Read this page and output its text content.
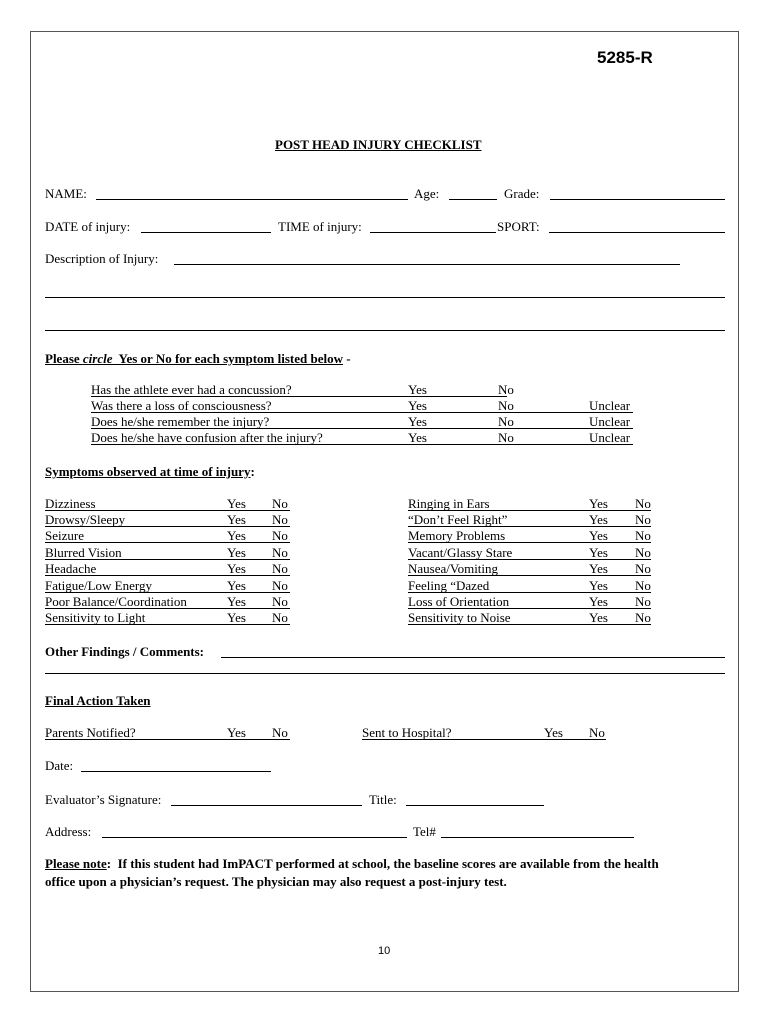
5285-R
POST HEAD INJURY CHECKLIST
NAME:	Age:	Grade:
DATE of injury:	TIME of injury:	SPORT:
Description of Injury:
Please circle  Yes or No for each symptom listed below -
Has the athlete ever had a concussion?	Yes	No
Was there a loss of consciousness?	Yes	No	Unclear
Does he/she remember the injury?	Yes	No	Unclear
Does he/she have confusion after the injury?	Yes	No	Unclear
Symptoms observed at time of injury:
Dizziness	Yes No
Drowsy/Sleepy	Yes No
Seizure	Yes No
Blurred Vision	Yes No
Headache	Yes No
Fatigue/Low Energy	Yes No
Poor Balance/Coordination	Yes No
Sensitivity to Light	Yes No
Ringing in Ears	Yes No
“Don’t Feel Right”	Yes No
Memory Problems	Yes No
Vacant/Glassy Stare	Yes No
Nausea/Vomiting	Yes No
Feeling “Dazed	Yes No
Loss of Orientation	Yes No
Sensitivity to Noise	Yes No
Other Findings / Comments:
Final Action Taken
Parents Notified?	Yes No	Sent to Hospital?	Yes No
Date:
Evaluator’s Signature:	Title:
Address:	Tel#
Please note:  If this student had ImPACT performed at school, the baseline scores are available from the health
office upon a physician’s request. The physician may also request a post-injury test.
10
